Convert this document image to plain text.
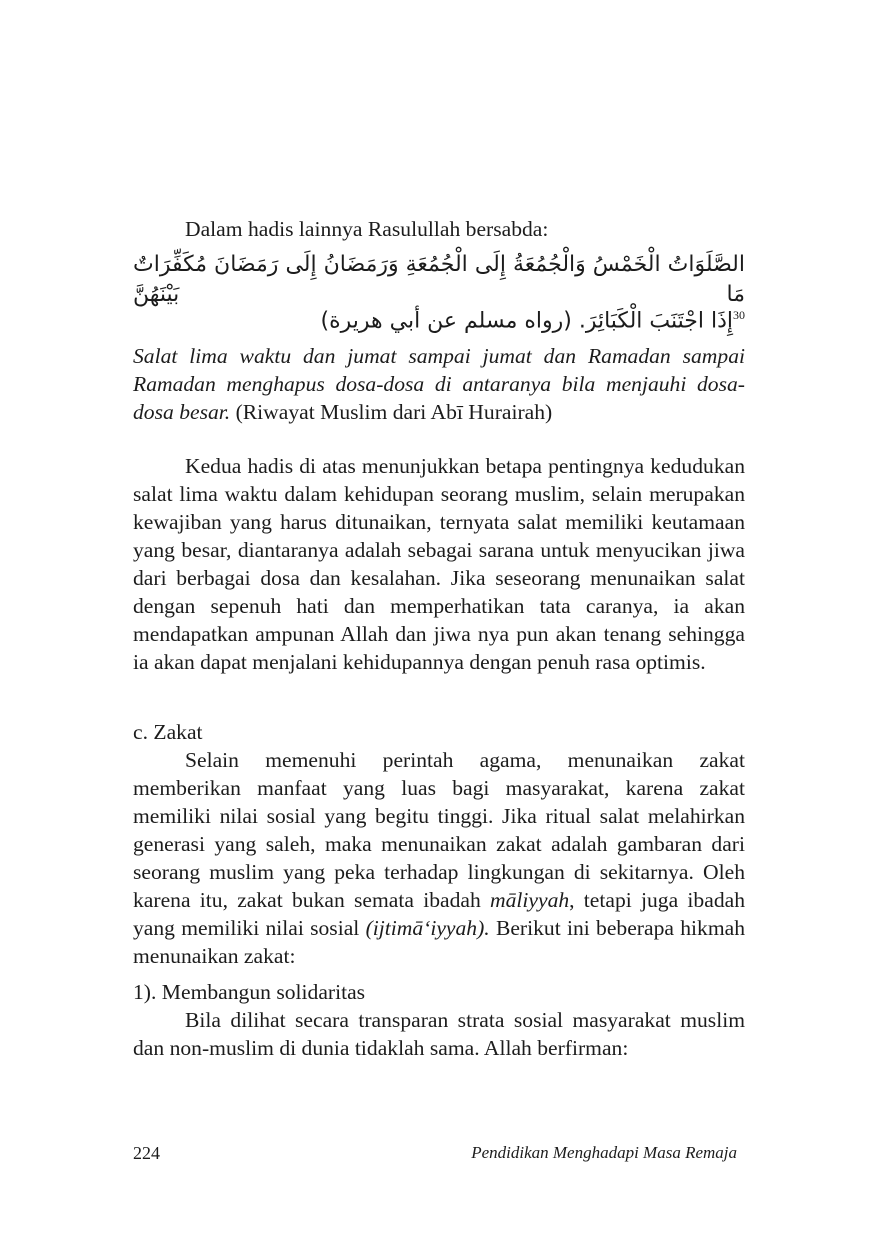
Dalam hadis lainnya Rasulullah bersabda:

الصَّلَوَاتُ الْخَمْسُ وَالْجُمُعَةُ إِلَى الْجُمُعَةِ وَرَمَضَانُ إِلَى رَمَضَانَ مُكَفِّرَاتٌ مَا بَيْنَهُنَّ
$^{30}$إِذَا اجْتَنَبَ الْكَبَائِرَ. (رواه مسلم عن أبي هريرة)

Salat lima waktu dan jumat sampai jumat dan Ramadan sampai Ramadan menghapus dosa-dosa di antaranya bila menjauhi dosa-dosa besar. (Riwayat Muslim dari Abī Hurairah)

Kedua hadis di atas menunjukkan betapa pentingnya kedudukan salat lima waktu dalam kehidupan seorang muslim, selain merupakan kewajiban yang harus ditunaikan, ternyata salat memiliki keutamaan yang besar, diantaranya adalah sebagai sarana untuk menyucikan jiwa dari berbagai dosa dan kesalahan. Jika seseorang menunaikan salat dengan sepenuh hati dan memperhatikan tata caranya, ia akan mendapatkan ampunan Allah dan jiwa nya pun akan tenang sehingga ia akan dapat menjalani kehidupannya dengan penuh rasa optimis.

c. Zakat

Selain memenuhi perintah agama, menunaikan zakat memberikan manfaat yang luas bagi masyarakat, karena zakat memiliki nilai sosial yang begitu tinggi. Jika ritual salat melahirkan generasi yang saleh, maka menunaikan zakat adalah gambaran dari seorang muslim yang peka terhadap lingkungan di sekitarnya. Oleh karena itu, zakat bukan semata ibadah māliyyah, tetapi juga ibadah yang memiliki nilai sosial (ijtimā‘iyyah). Berikut ini beberapa hikmah menunaikan zakat:

1). Membangun solidaritas

Bila dilihat secara transparan strata sosial masyarakat muslim dan non-muslim di dunia tidaklah sama. Allah berfirman:

224	Pendidikan Menghadapi Masa Remaja
